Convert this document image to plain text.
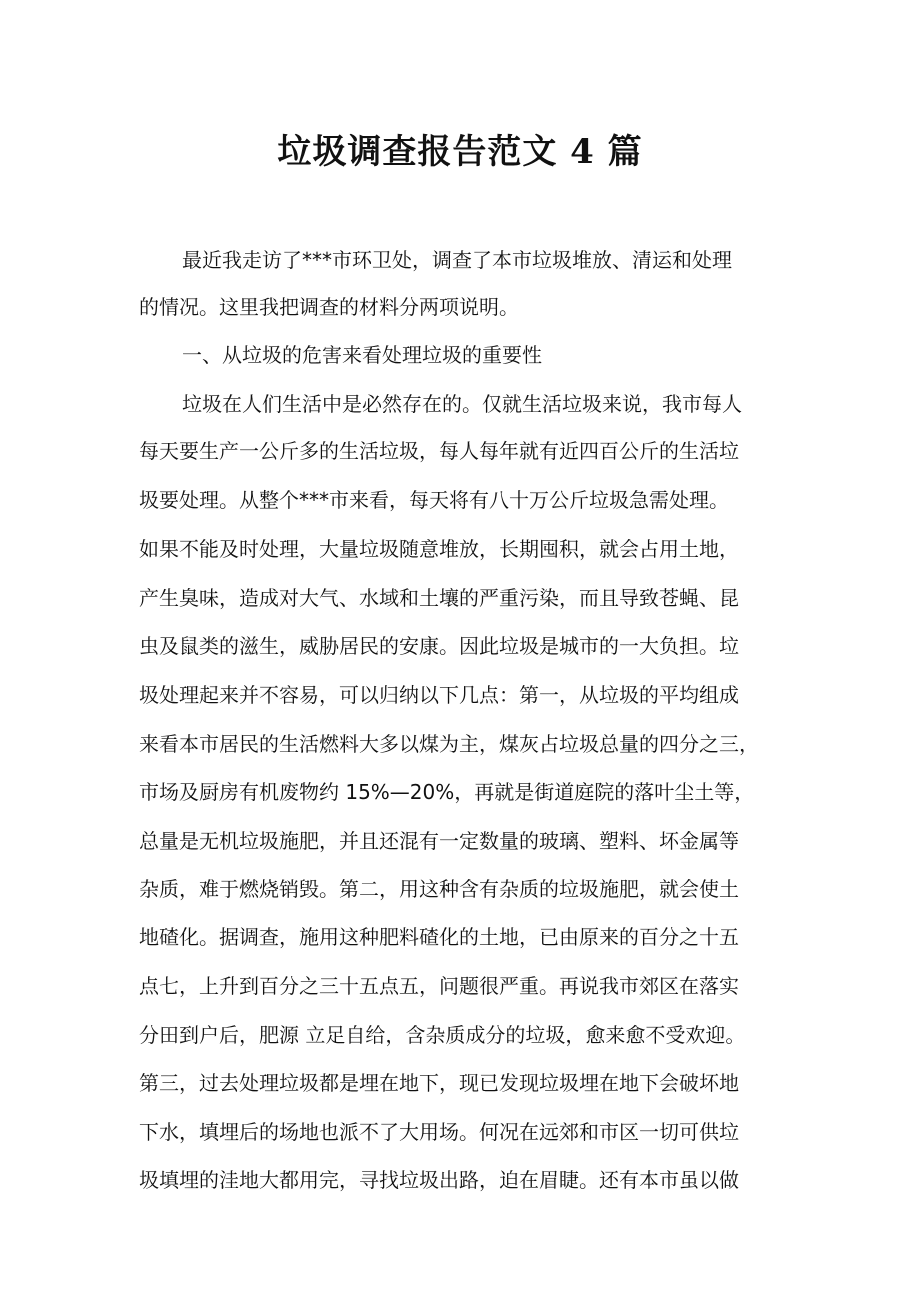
垃圾调查报告范文 4 篇
最近我走访了***市环卫处，调查了本市垃圾堆放、清运和处理
的情况。这里我把调查的材料分两项说明。
一、从垃圾的危害来看处理垃圾的重要性
垃圾在人们生活中是必然存在的。仅就生活垃圾来说，我市每人
每天要生产一公斤多的生活垃圾，每人每年就有近四百公斤的生活垃
圾要处理。从整个***市来看，每天将有八十万公斤垃圾急需处理。
如果不能及时处理，大量垃圾随意堆放，长期囤积，就会占用土地，
产生臭味，造成对大气、水域和土壤的严重污染，而且导致苍蝇、昆
虫及鼠类的滋生，威胁居民的安康。因此垃圾是城市的一大负担。垃
圾处理起来并不容易，可以归纳以下几点：第一，从垃圾的平均组成
来看本市居民的生活燃料大多以煤为主，煤灰占垃圾总量的四分之三，
市场及厨房有机废物约 15%—20%，再就是街道庭院的落叶尘土等，
总量是无机垃圾施肥，并且还混有一定数量的玻璃、塑料、坏金属等
杂质，难于燃烧销毁。第二，用这种含有杂质的垃圾施肥，就会使土
地碴化。据调查，施用这种肥料碴化的土地，已由原来的百分之十五
点七，上升到百分之三十五点五，问题很严重。再说我市郊区在落实
分田到户后，肥源 立足自给，含杂质成分的垃圾，愈来愈不受欢迎。
第三，过去处理垃圾都是埋在地下，现已发现垃圾埋在地下会破坏地
下水，填埋后的场地也派不了大用场。何况在远郊和市区一切可供垃
圾填埋的洼地大都用完，寻找垃圾出路，迫在眉睫。还有本市虽以做
